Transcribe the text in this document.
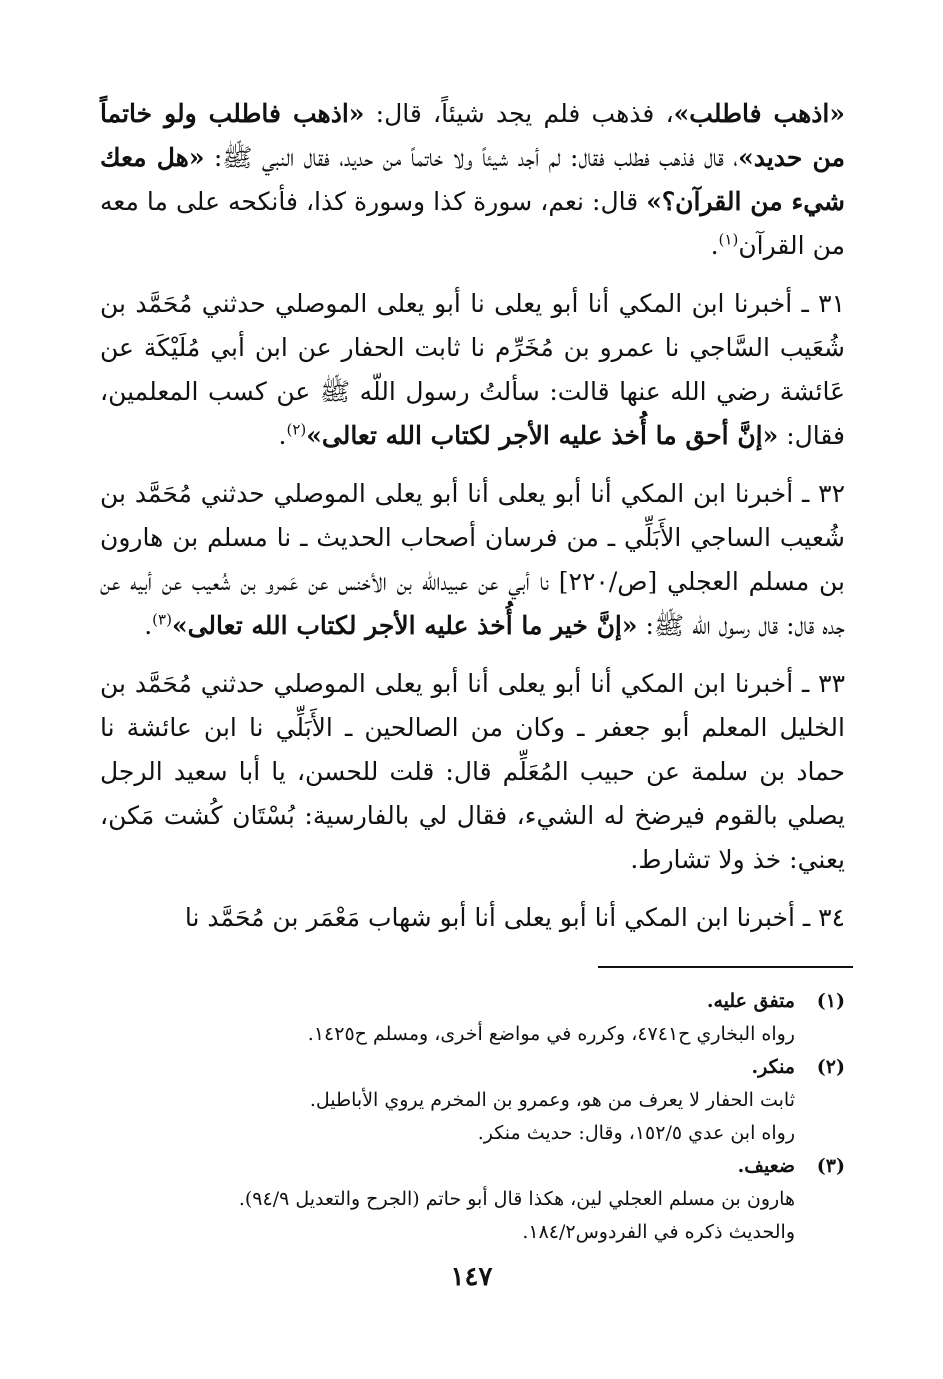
«اذهب فاطلب»، فذهب فلم يجد شيئاً، قال: «اذهب فاطلب ولو خاتماً من حديد»، قال فذهب فطلب فقال: لم أجد شيئاً ولا خاتماً من حديد، فقال النبي ﷺ: «هل معك شيء من القرآن؟» قال: نعم، سورة كذا وسورة كذا، فأنكحه على ما معه من القرآن$^{(١)}$.

٣١ ـ أخبرنا ابن المكي أنا أبو يعلى نا أبو يعلى الموصلي حدثني مُحَمَّد بن شُعَيب السَّاجي نا عمرو بن مُخَرِّم نا ثابت الحفار عن ابن أبي مُلَيْكَة عن عَائشة رضي الله عنها قالت: سألتُ رسول اللّه ﷺ عن كسب المعلمين، فقال: «إنَّ أحق ما أُخذ عليه الأجر لكتاب الله تعالى»$^{(٢)}$.

٣٢ ـ أخبرنا ابن المكي أنا أبو يعلى أنا أبو يعلى الموصلي حدثني مُحَمَّد بن شُعيب الساجي الأَبَلِّي ـ من فرسان أصحاب الحديث ـ نا مسلم بن هارون بن مسلم العجلي [ص/٢٢٠] نا أبي عن عبيدالله بن الأخنس عن عَمرو بن شُعيب عن أبيه عن جده قال: قال رسول اللّه ﷺ: «إنَّ خير ما أُخذ عليه الأجر لكتاب الله تعالى»$^{(٣)}$.

٣٣ ـ أخبرنا ابن المكي أنا أبو يعلى أنا أبو يعلى الموصلي حدثني مُحَمَّد بن الخليل المعلم أبو جعفر ـ وكان من الصالحين ـ الأَبَلِّي نا ابن عائشة نا حماد بن سلمة عن حبيب المُعَلِّم قال: قلت للحسن، يا أبا سعيد الرجل يصلي بالقوم فيرضخ له الشيء، فقال لي بالفارسية: بُسْتَان كُشت مَكن، يعني: خذ ولا تشارط.

٣٤ ـ أخبرنا ابن المكي أنا أبو يعلى أنا أبو شهاب مَعْمَر بن مُحَمَّد نا

(١)
متفق عليه.
رواه البخاري ح٤٧٤١، وكرره في مواضع أخرى، ومسلم ح١٤٢٥.
(٢)
منكر.
ثابت الحفار لا يعرف من هو، وعمرو بن المخرم يروي الأباطيل.
رواه ابن عدي ١٥٢/٥، وقال: حديث منكر.
(٣)
ضعيف.
هارون بن مسلم العجلي لين، هكذا قال أبو حاتم (الجرح والتعديل ٩٤/٩).
والحديث ذكره في الفردوس١٨٤/٢.
١٤٧
